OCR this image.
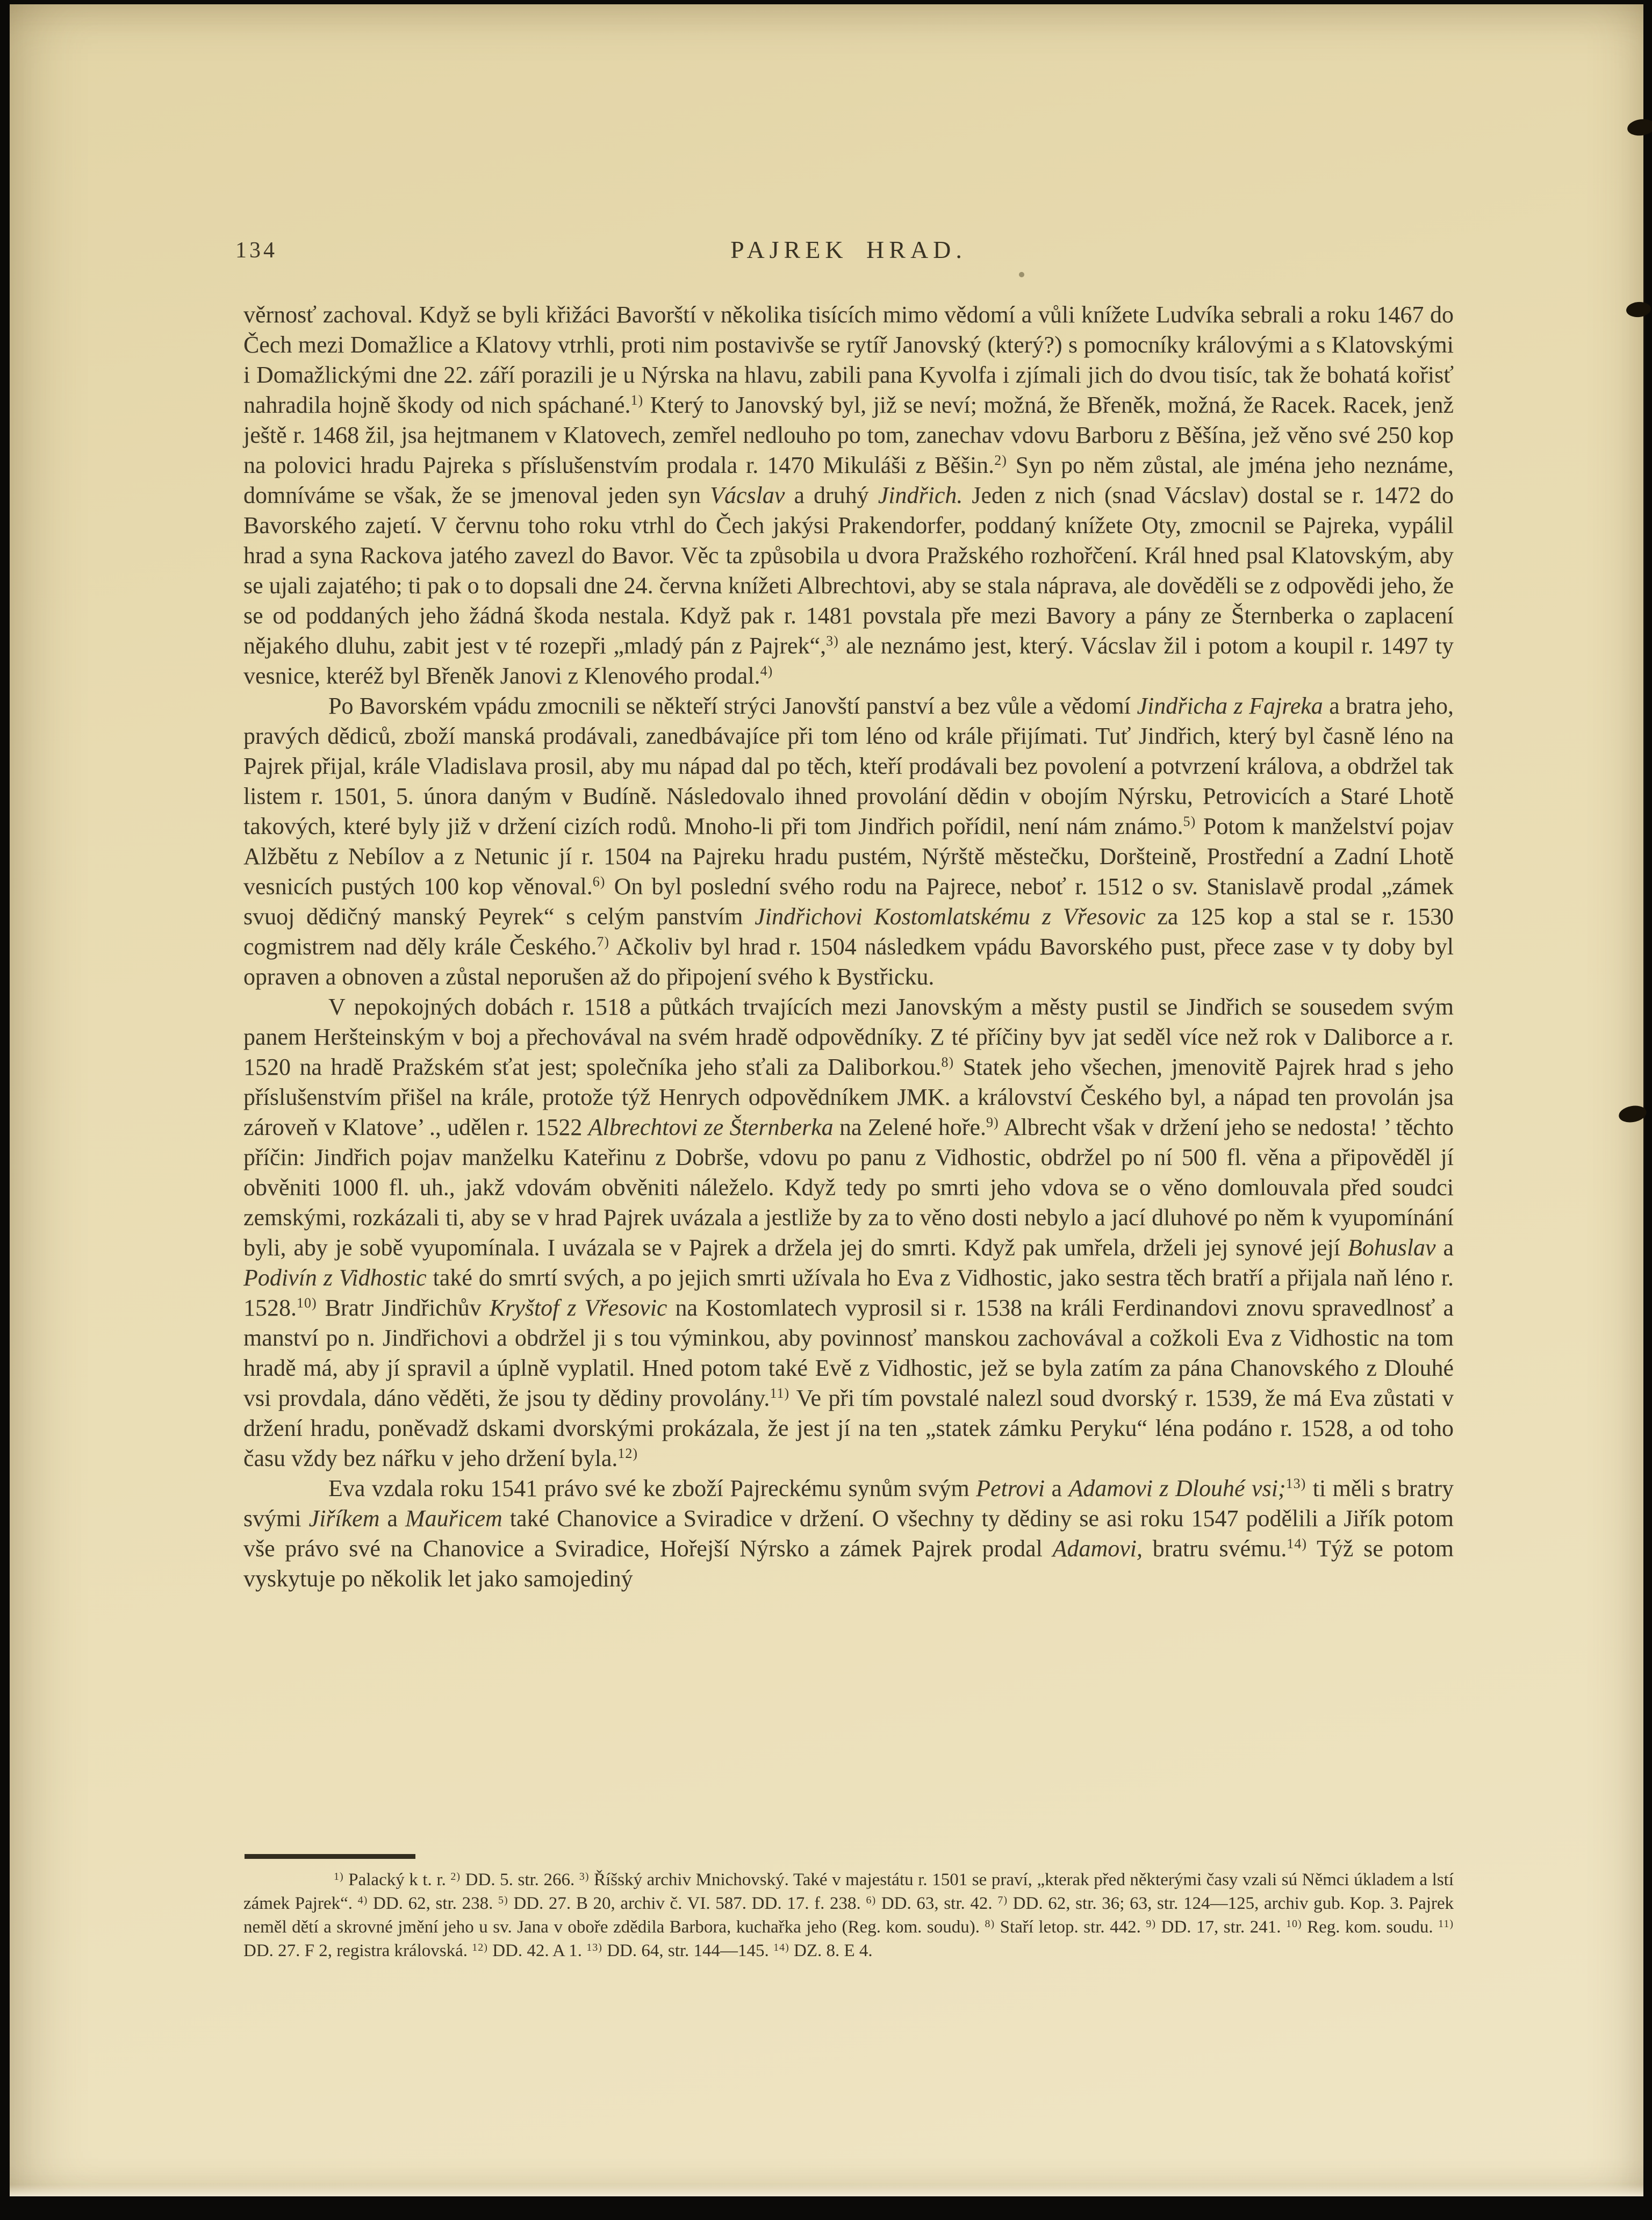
134	PAJREK HRAD.

věrnosť zachoval. Když se byli křižáci Bavorští v několika tisících mimo vědomí a vůli knížete Ludvíka sebrali a roku 1467 do Čech mezi Domažlice a Klatovy vtrhli, proti nim postavivše se rytíř Janovský (který?) s pomocníky královými a s Klatovskými i Domažlickými dne 22. září porazili je u Nýrska na hlavu, zabili pana Kyvolfa i zjímali jich do dvou tisíc, tak že bohatá kořisť nahradila hojně škody od nich spáchané.$^{1)}$ Který to Janovský byl, již se neví; možná, že Břeněk, možná, že Racek. Racek, jenž ještě r. 1468 žil, jsa hejtmanem v Klatovech, zemřel nedlouho po tom, zanechav vdovu Barboru z Běšína, jež věno své 250 kop na polovici hradu Pajreka s příslušenstvím prodala r. 1470 Mikuláši z Běšin.$^{2)}$ Syn po něm zůstal, ale jména jeho neznáme, domníváme se však, že se jmenoval jeden syn Vácslav a druhý Jindřich. Jeden z nich (snad Vácslav) dostal se r. 1472 do Bavorského zajetí. V červnu toho roku vtrhl do Čech jakýsi Prakendorfer, poddaný knížete Oty, zmocnil se Pajreka, vypálil hrad a syna Rackova jatého zavezl do Bavor. Věc ta způsobila u dvora Pražského rozhořčení. Král hned psal Klatovským, aby se ujali zajatého; ti pak o to dopsali dne 24. června knížeti Albrechtovi, aby se stala náprava, ale dověděli se z odpovědi jeho, že se od poddaných jeho žádná škoda nestala. Když pak r. 1481 povstala pře mezi Bavory a pány ze Šternberka o zaplacení nějakého dluhu, zabit jest v té rozepři „mladý pán z Pajrek“,$^{3)}$ ale neznámo jest, který. Vácslav žil i potom a koupil r. 1497 ty vesnice, kteréž byl Břeněk Janovi z Klenového prodal.$^{4)}$

Po Bavorském vpádu zmocnili se někteří strýci Janovští panství a bez vůle a vědomí Jindřicha z Fajreka a bratra jeho, pravých dědiců, zboží manská prodávali, zanedbávajíce při tom léno od krále přijímati. Tuť Jindřich, který byl časně léno na Pajrek přijal, krále Vladislava prosil, aby mu nápad dal po těch, kteří prodávali bez povolení a potvrzení králova, a obdržel tak listem r. 1501, 5. února daným v Budíně. Následovalo ihned provolání dědin v obojím Nýrsku, Petrovicích a Staré Lhotě takových, které byly již v držení cizích rodů. Mnoho-li při tom Jindřich pořídil, není nám známo.$^{5)}$ Potom k manželství pojav Alžbětu z Nebílov a z Netunic jí r. 1504 na Pajreku hradu pustém, Nýrště městečku, Doršteině, Prostřední a Zadní Lhotě vesnicích pustých 100 kop věnoval.$^{6)}$ On byl poslední svého rodu na Pajrece, neboť r. 1512 o sv. Stanislavě prodal „zámek svuoj dědičný manský Peyrek“ s celým panstvím Jindřichovi Kostomlatskému z Vřesovic za 125 kop a stal se r. 1530 cogmistrem nad děly krále Českého.$^{7)}$ Ačkoliv byl hrad r. 1504 následkem vpádu Bavorského pust, přece zase v ty doby byl opraven a obnoven a zůstal neporušen až do připojení svého k Bystřicku.

V nepokojných dobách r. 1518 a půtkách trvajících mezi Janovským a městy pustil se Jindřich se sousedem svým panem Heršteinským v boj a přechovával na svém hradě odpovědníky. Z té příčiny byv jat seděl více než rok v Daliborce a r. 1520 na hradě Pražském sťat jest; společníka jeho sťali za Daliborkou.$^{8)}$ Statek jeho všechen, jmenovitě Pajrek hrad s jeho příslušenstvím přišel na krále, protože týž Henrych odpovědníkem JMK. a království Českého byl, a nápad ten provolán jsa zároveň v Klatove’ ., udělen r. 1522 Albrechtovi ze Šternberka na Zelené hoře.$^{9)}$ Albrecht však v držení jeho se nedosta! ’ těchto příčin: Jindřich pojav manželku Kateřinu z Dobrše, vdovu po panu z Vidhostic, obdržel po ní 500 fl. věna a připověděl jí obvěniti 1000 fl. uh., jakž vdovám obvěniti náleželo. Když tedy po smrti jeho vdova se o věno domlouvala před soudci zemskými, rozkázali ti, aby se v hrad Pajrek uvázala a jestliže by za to věno dosti nebylo a jací dluhové po něm k vyupomínání byli, aby je sobě vyupomínala. I uvázala se v Pajrek a držela jej do smrti. Když pak umřela, drželi jej synové její Bohuslav a Podivín z Vidhostic také do smrtí svých, a po jejich smrti užívala ho Eva z Vidhostic, jako sestra těch bratří a přijala naň léno r. 1528.$^{10)}$ Bratr Jindřichův Kryštof z Vřesovic na Kostomlatech vyprosil si r. 1538 na králi Ferdinandovi znovu spravedlnosť a manství po n. Jindřichovi a obdržel ji s tou výminkou, aby povinnosť manskou zachovával a cožkoli Eva z Vidhostic na tom hradě má, aby jí spravil a úplně vyplatil. Hned potom také Evě z Vidhostic, jež se byla zatím za pána Chanovského z Dlouhé vsi provdala, dáno věděti, že jsou ty dědiny provolány.$^{11)}$ Ve při tím povstalé nalezl soud dvorský r. 1539, že má Eva zůstati v držení hradu, poněvadž dskami dvorskými prokázala, že jest jí na ten „statek zámku Peryku“ léna podáno r. 1528, a od toho času vždy bez nářku v jeho držení byla.$^{12)}$

Eva vzdala roku 1541 právo své ke zboží Pajreckému synům svým Petrovi a Adamovi z Dlouhé vsi;$^{13)}$ ti měli s bratry svými Jiříkem a Mauřicem také Chanovice a Sviradice v držení. O všechny ty dědiny se asi roku 1547 podělili a Jiřík potom vše právo své na Chanovice a Sviradice, Hořejší Nýrsko a zámek Pajrek prodal Adamovi, bratru svému.$^{14)}$ Týž se potom vyskytuje po několik let jako samojediný

$^{1)}$ Palacký k t. r. $^{2)}$ DD. 5. str. 266. $^{3)}$ Říšský archiv Mnichovský. Také v majestátu r. 1501 se praví, „kterak před některými časy vzali sú Němci úkladem a lstí zámek Pajrek“. $^{4)}$ DD. 62, str. 238. $^{5)}$ DD. 27. B 20, archiv č. VI. 587. DD. 17. f. 238. $^{6)}$ DD. 63, str. 42. $^{7)}$ DD. 62, str. 36; 63, str. 124—125, archiv gub. Kop. 3. Pajrek neměl dětí a skrovné jmění jeho u sv. Jana v oboře zdědila Barbora, kuchařka jeho (Reg. kom. soudu). $^{8)}$ Staří letop. str. 442. $^{9)}$ DD. 17, str. 241. $^{10)}$ Reg. kom. soudu. $^{11)}$ DD. 27. F 2, registra královská. $^{12)}$ DD. 42. A 1. $^{13)}$ DD. 64, str. 144—145. $^{14)}$ DZ. 8. E 4.
